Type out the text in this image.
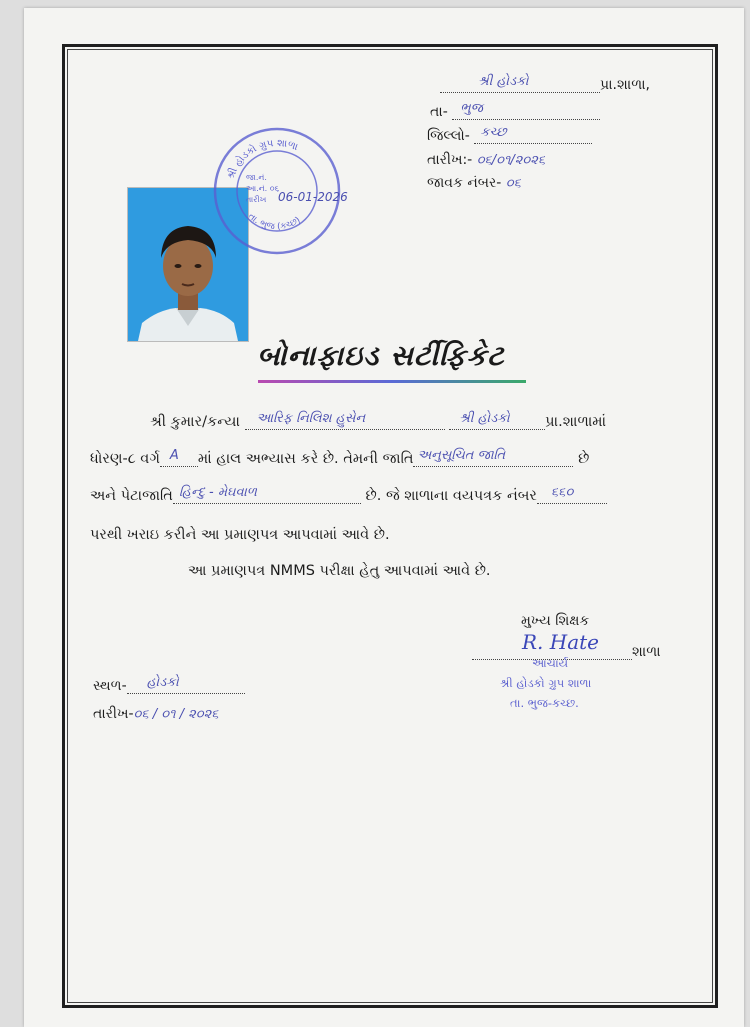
શ્રી હોડકો	પ્રા.શાળા,
તા- ભુજ
જિલ્લો- કચ્છ
તારીખ:- ૦૬/૦૧/૨૦૨૬
જાવક નંબર- ૦૬
શ્રી હોડકો ગ્રુપ શાળા
તા. ભુજ (કચ્છ)
જા.નં.
આ.નં. ૦૬
તારીખ 06-01-2026
બોનાફાઇડ સર્ટીફિકેટ
શ્રી કુમાર/કન્યા આરિફ નિલિશ હુસેન
	શ્રી હોડકો પ્રા.શાળામાં
ધોરણ-૮ વર્ગ A માં હાલ અભ્યાસ કરે છે. તેમની જાતિ અનુસૂચિત જાતિ	છે
અને પેટાજાતિ હિન્દુ - મેઘવાળ	છે. જે શાળાના વયપત્રક નંબર ૬૬૦
પરથી ખરાઇ કરીને આ પ્રમાણપત્ર આપવામાં આવે છે.
આ પ્રમાણપત્ર NMMS પરીક્ષા હેતુ આપવામાં આવે છે.
મુખ્ય શિક્ષક
R. Hate	શાળા
આચાર્ય
શ્રી હોડકો ગ્રુપ શાળા
તા. ભુજ-કચ્છ.
સ્થળ- હોડકો
તારીખ-૦૬ / ૦૧ / ૨૦૨૬
